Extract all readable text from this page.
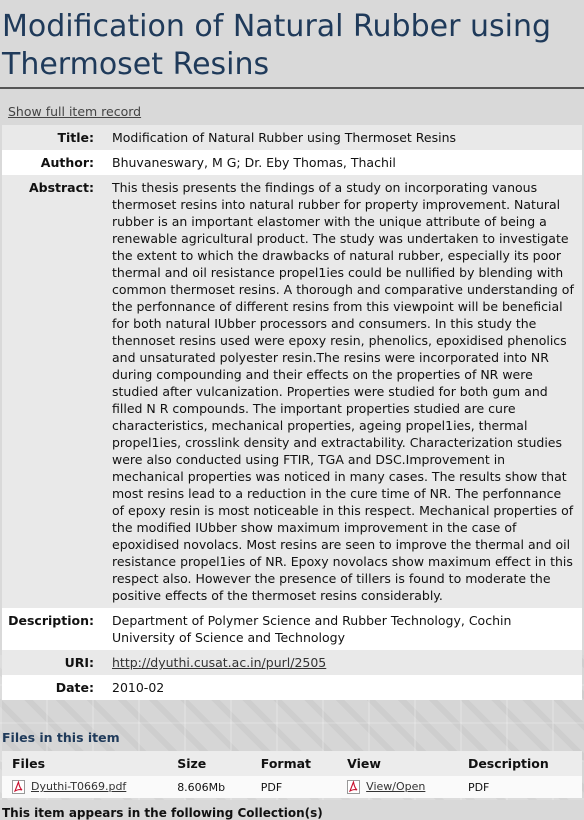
Modification of Natural Rubber using Thermoset Resins
Show full item record
Title:	Modification of Natural Rubber using Thermoset Resins
Author:	Bhuvaneswary, M G; Dr. Eby Thomas, Thachil
Abstract:	This thesis presents the findings of a study on incorporating vanous thermoset resins into natural rubber for property improvement. Natural rubber is an important elastomer with the unique attribute of being a renewable agricultural product. The study was undertaken to investigate the extent to which the drawbacks of natural rubber, especially its poor thermal and oil resistance propel1ies could be nullified by blending with common thermoset resins. A thorough and comparative understanding of the perfonnance of different resins from this viewpoint will be beneficial for both natural IUbber processors and consumers. In this study the thennoset resins used were epoxy resin, phenolics, epoxidised phenolics and unsaturated polyester resin.The resins were incorporated into NR during compounding and their effects on the properties of NR were studied after vulcanization. Properties were studied for both gum and filled N R compounds. The important properties studied are cure characteristics, mechanical properties, ageing propel1ies, thermal propel1ies, crosslink density and extractability. Characterization studies were also conducted using FTIR, TGA and DSC.Improvement in mechanical properties was noticed in many cases. The results show that most resins lead to a reduction in the cure time of NR. The perfonnance of epoxy resin is most noticeable in this respect. Mechanical properties of the modified IUbber show maximum improvement in the case of epoxidised novolacs. Most resins are seen to improve the thermal and oil resistance propel1ies of NR. Epoxy novolacs show maximum effect in this respect also. However the presence of tillers is found to moderate the positive effects of the thermoset resins considerably.
Description:	Department of Polymer Science and Rubber Technology, Cochin University of Science and Technology
URI:	http://dyuthi.cusat.ac.in/purl/2505
Date:	2010-02
Files in this item
Files	Size	Format	View	Description
Dyuthi-T0669.pdf	8.606Mb	PDF	View/Open	PDF
This item appears in the following Collection(s)
